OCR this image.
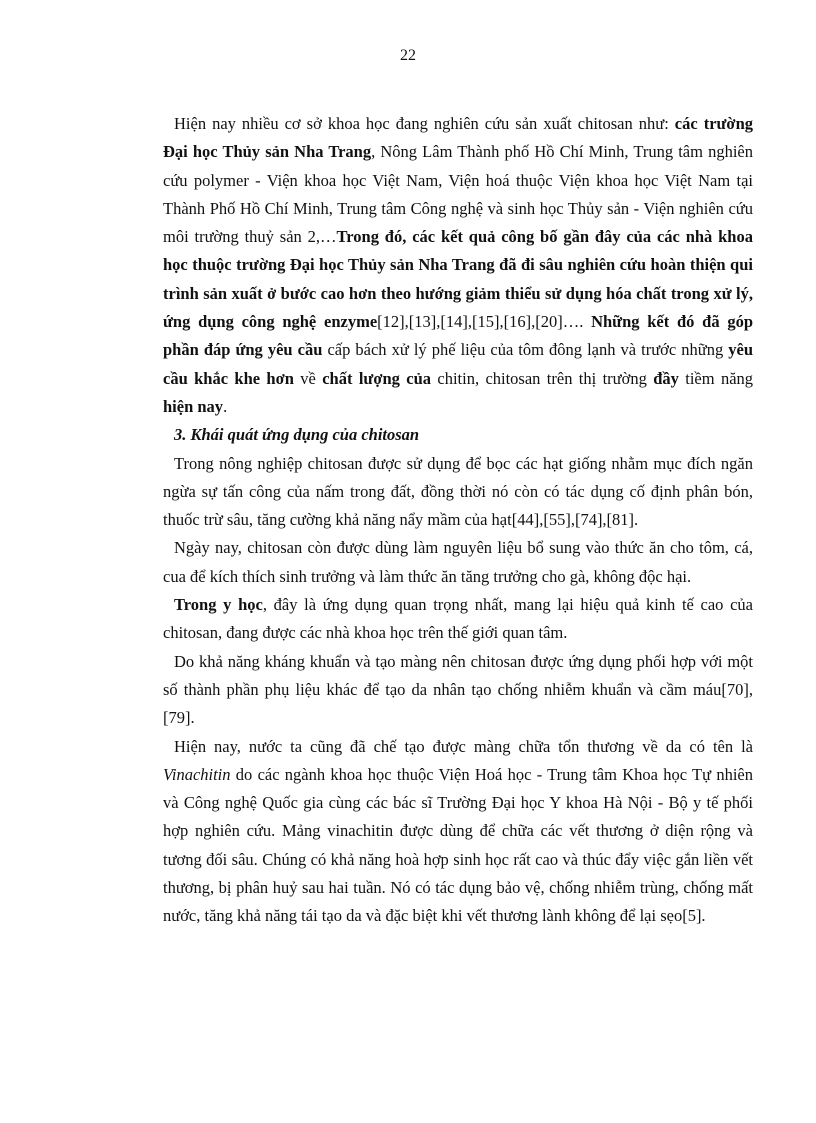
22

Hiện nay nhiều cơ sở khoa học đang nghiên cứu sản xuất chitosan như: các trường Đại học Thủy sản Nha Trang, Nông Lâm Thành phố Hồ Chí Minh, Trung tâm nghiên cứu polymer - Viện khoa học Việt Nam, Viện hoá thuộc Viện khoa học Việt Nam tại Thành Phố Hồ Chí Minh, Trung tâm Công nghệ và sinh học Thủy sản - Viện nghiên cứu môi trường thuỷ sản 2,…Trong đó, các kết quả công bố gần đây của các nhà khoa học thuộc trường Đại học Thủy sản Nha Trang đã đi sâu nghiên cứu hoàn thiện qui trình sản xuất ở bước cao hơn theo hướng giảm thiểu sử dụng hóa chất trong xử lý, ứng dụng công nghệ enzyme[12],[13],[14],[15],[16],[20]…. Những kết đó đã góp phần đáp ứng yêu cầu cấp bách xử lý phế liệu của tôm đông lạnh và trước những yêu cầu khắc khe hơn về chất lượng của chitin, chitosan trên thị trường đầy tiềm năng hiện nay.

3. Khái quát ứng dụng của chitosan

Trong nông nghiệp chitosan được sử dụng để bọc các hạt giống nhằm mục đích ngăn ngừa sự tấn công của nấm trong đất, đồng thời nó còn có tác dụng cố định phân bón, thuốc trừ sâu, tăng cường khả năng nẩy mầm của hạt[44],[55],[74],[81].

Ngày nay, chitosan còn được dùng làm nguyên liệu bổ sung vào thức ăn cho tôm, cá, cua để kích thích sinh trưởng và làm thức ăn tăng trưởng cho gà, không độc hại.

Trong y học, đây là ứng dụng quan trọng nhất, mang lại hiệu quả kinh tế cao của chitosan, đang được các nhà khoa học trên thế giới quan tâm.

Do khả năng kháng khuẩn và tạo màng nên chitosan được ứng dụng phối hợp với một số thành phần phụ liệu khác để tạo da nhân tạo chống nhiễm khuẩn và cầm máu[70],[79].

Hiện nay, nước ta cũng đã chế tạo được màng chữa tổn thương về da có tên là Vinachitin do các ngành khoa học thuộc Viện Hoá học - Trung tâm Khoa học Tự nhiên và Công nghệ Quốc gia cùng các bác sĩ Trường Đại học Y khoa Hà Nội - Bộ y tế phối hợp nghiên cứu. Mảng vinachitin được dùng để chữa các vết thương ở diện rộng và tương đối sâu. Chúng có khả năng hoà hợp sinh học rất cao và thúc đẩy việc gắn liền vết thương, bị phân huỷ sau hai tuần. Nó có tác dụng bảo vệ, chống nhiễm trùng, chống mất nước, tăng khả năng tái tạo da và đặc biệt khi vết thương lành không để lại sẹo[5].
